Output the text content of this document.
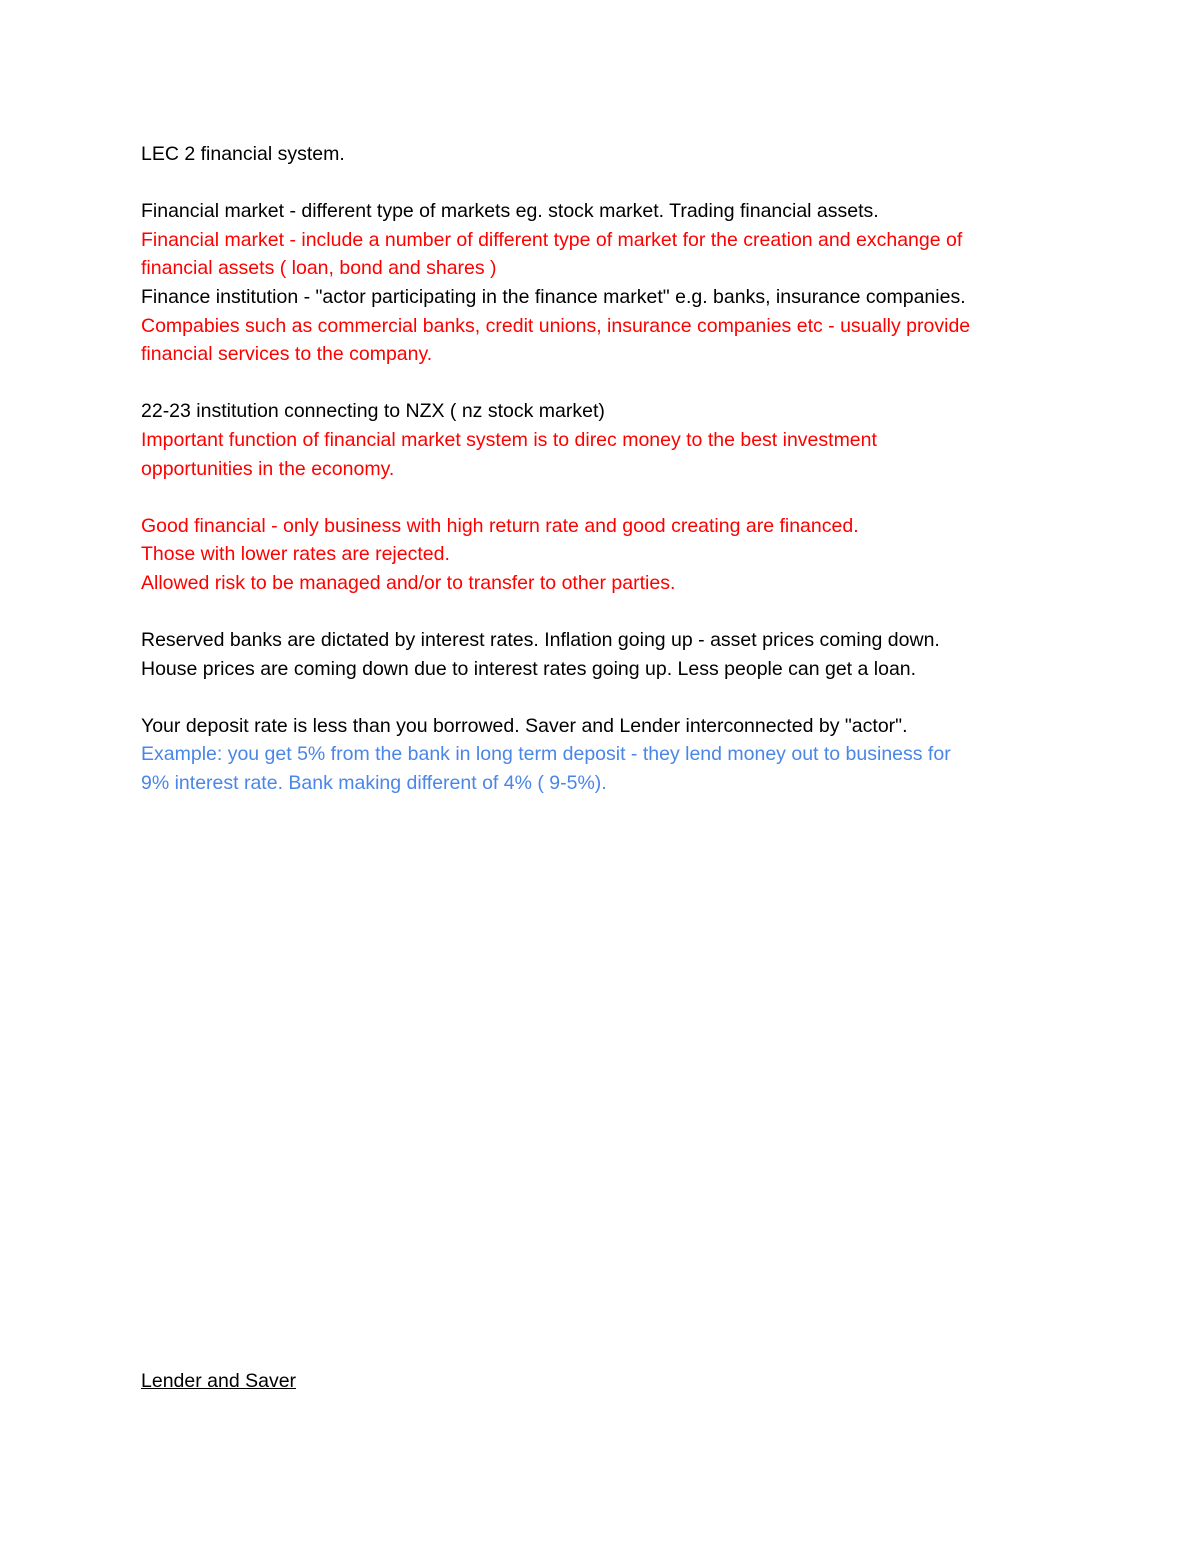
LEC 2 financial system.
Financial market - different type of markets eg. stock market. Trading financial assets.
Financial market - include a number of different type of market for the creation and exchange of
financial assets ( loan, bond and shares )
Finance institution - "actor participating in the finance market" e.g. banks, insurance companies.
Compabies such as commercial banks, credit unions, insurance companies etc - usually provide
financial services to the company.
22-23 institution connecting to NZX ( nz stock market)
Important function of financial market system is to direc money to the best investment
opportunities in the economy.
Good financial - only business with high return rate and good creating are financed.
Those with lower rates are rejected.
Allowed risk to be managed and/or to transfer to other parties.
Reserved banks are dictated by interest rates. Inflation going up - asset prices coming down.
House prices are coming down due to interest rates going up. Less people can get a loan.
Your deposit rate is less than you borrowed. Saver and Lender interconnected by "actor".
Example: you get 5% from the bank in long term deposit - they lend money out to business for
9% interest rate. Bank making different of 4% ( 9-5%).
Lender and Saver
